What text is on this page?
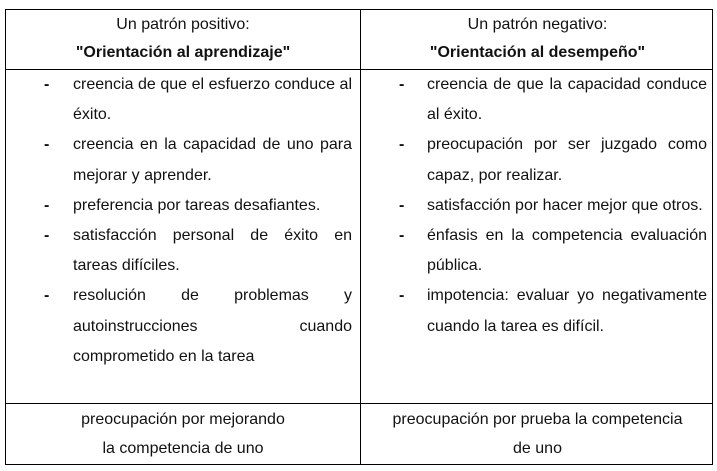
Un patrón positivo:
"Orientación al aprendizaje"
Un patrón negativo:
"Orientación al desempeño"
- creencia de que el esfuerzo conduce al éxito.
- creencia en la capacidad de uno para mejorar y aprender.
- preferencia por tareas desafiantes.
- satisfacción personal de éxito en tareas difíciles.
- resolución de problemas y autoinstrucciones cuando comprometido en la tarea
- creencia de que la capacidad conduce al éxito.
- preocupación por ser juzgado como capaz, por realizar.
- satisfacción por hacer mejor que otros.
- énfasis en la competencia evaluación pública.
- impotencia: evaluar yo negativamente cuando la tarea es difícil.
preocupación por mejorando
la competencia de uno
preocupación por prueba la competencia
de uno
